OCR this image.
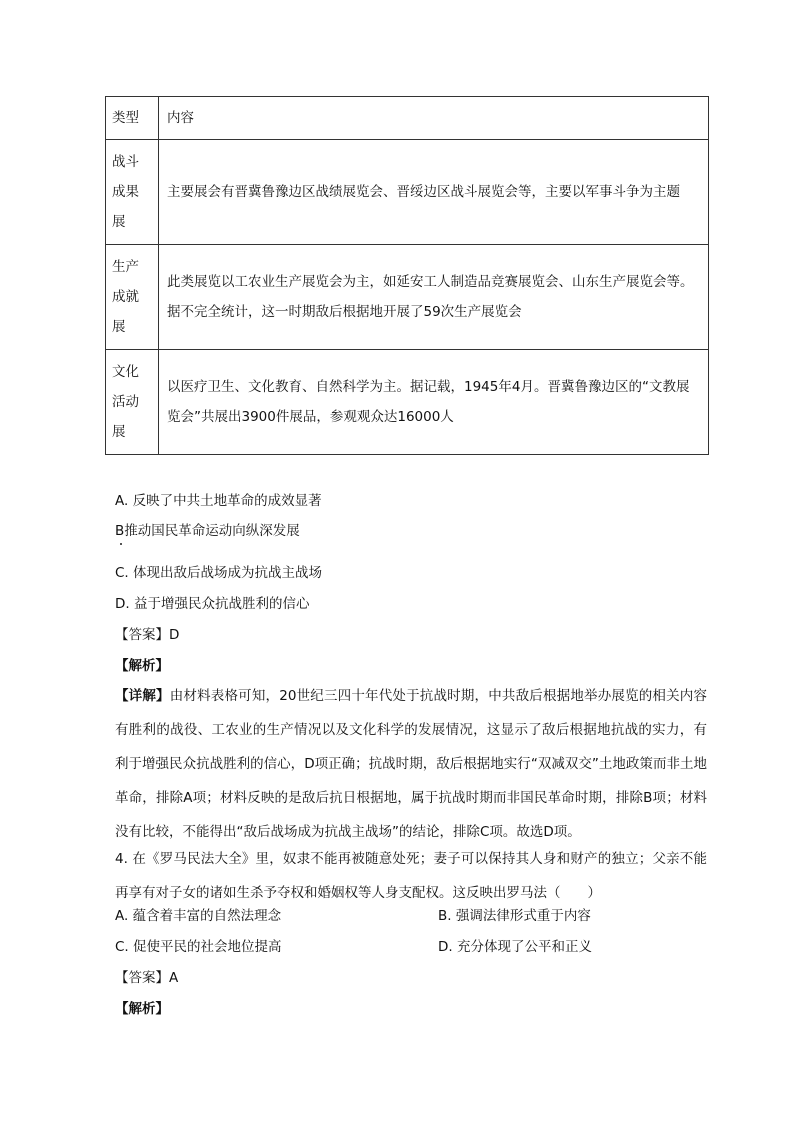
类型	内容
战斗成果展	主要展会有晋冀鲁豫边区战绩展览会、晋绥边区战斗展览会等，主要以军事斗争为主题
生产成就展	此类展览以工农业生产展览会为主，如延安工人制造品竞赛展览会、山东生产展览会等。据不完全统计，这一时期敌后根据地开展了59次生产展览会
文化活动展	以医疗卫生、文化教育、自然科学为主。据记载，1945年4月。晋冀鲁豫边区的“文教展览会”共展出3900件展品，参观观众达16000人
A. 反映了中共土地革命的成效显著
B推动国民革命运动向纵深发展
C. 体现出敌后战场成为抗战主战场
D. 益于增强民众抗战胜利的信心
【答案】D
【解析】
【详解】由材料表格可知，20世纪三四十年代处于抗战时期，中共敌后根据地举办展览的相关内容有胜利的战役、工农业的生产情况以及文化科学的发展情况，这显示了敌后根据地抗战的实力，有利于增强民众抗战胜利的信心，D项正确；抗战时期，敌后根据地实行“双减双交”土地政策而非土地革命，排除A项；材料反映的是敌后抗日根据地，属于抗战时期而非国民革命时期，排除B项；材料没有比较，不能得出“敌后战场成为抗战主战场”的结论，排除C项。故选D项。
4. 在《罗马民法大全》里，奴隶不能再被随意处死；妻子可以保持其人身和财产的独立；父亲不能再享有对子女的诸如生杀予夺权和婚姻权等人身支配权。这反映出罗马法（　　）
A. 蕴含着丰富的自然法理念	B. 强调法律形式重于内容
C. 促使平民的社会地位提高	D. 充分体现了公平和正义
【答案】A
【解析】
